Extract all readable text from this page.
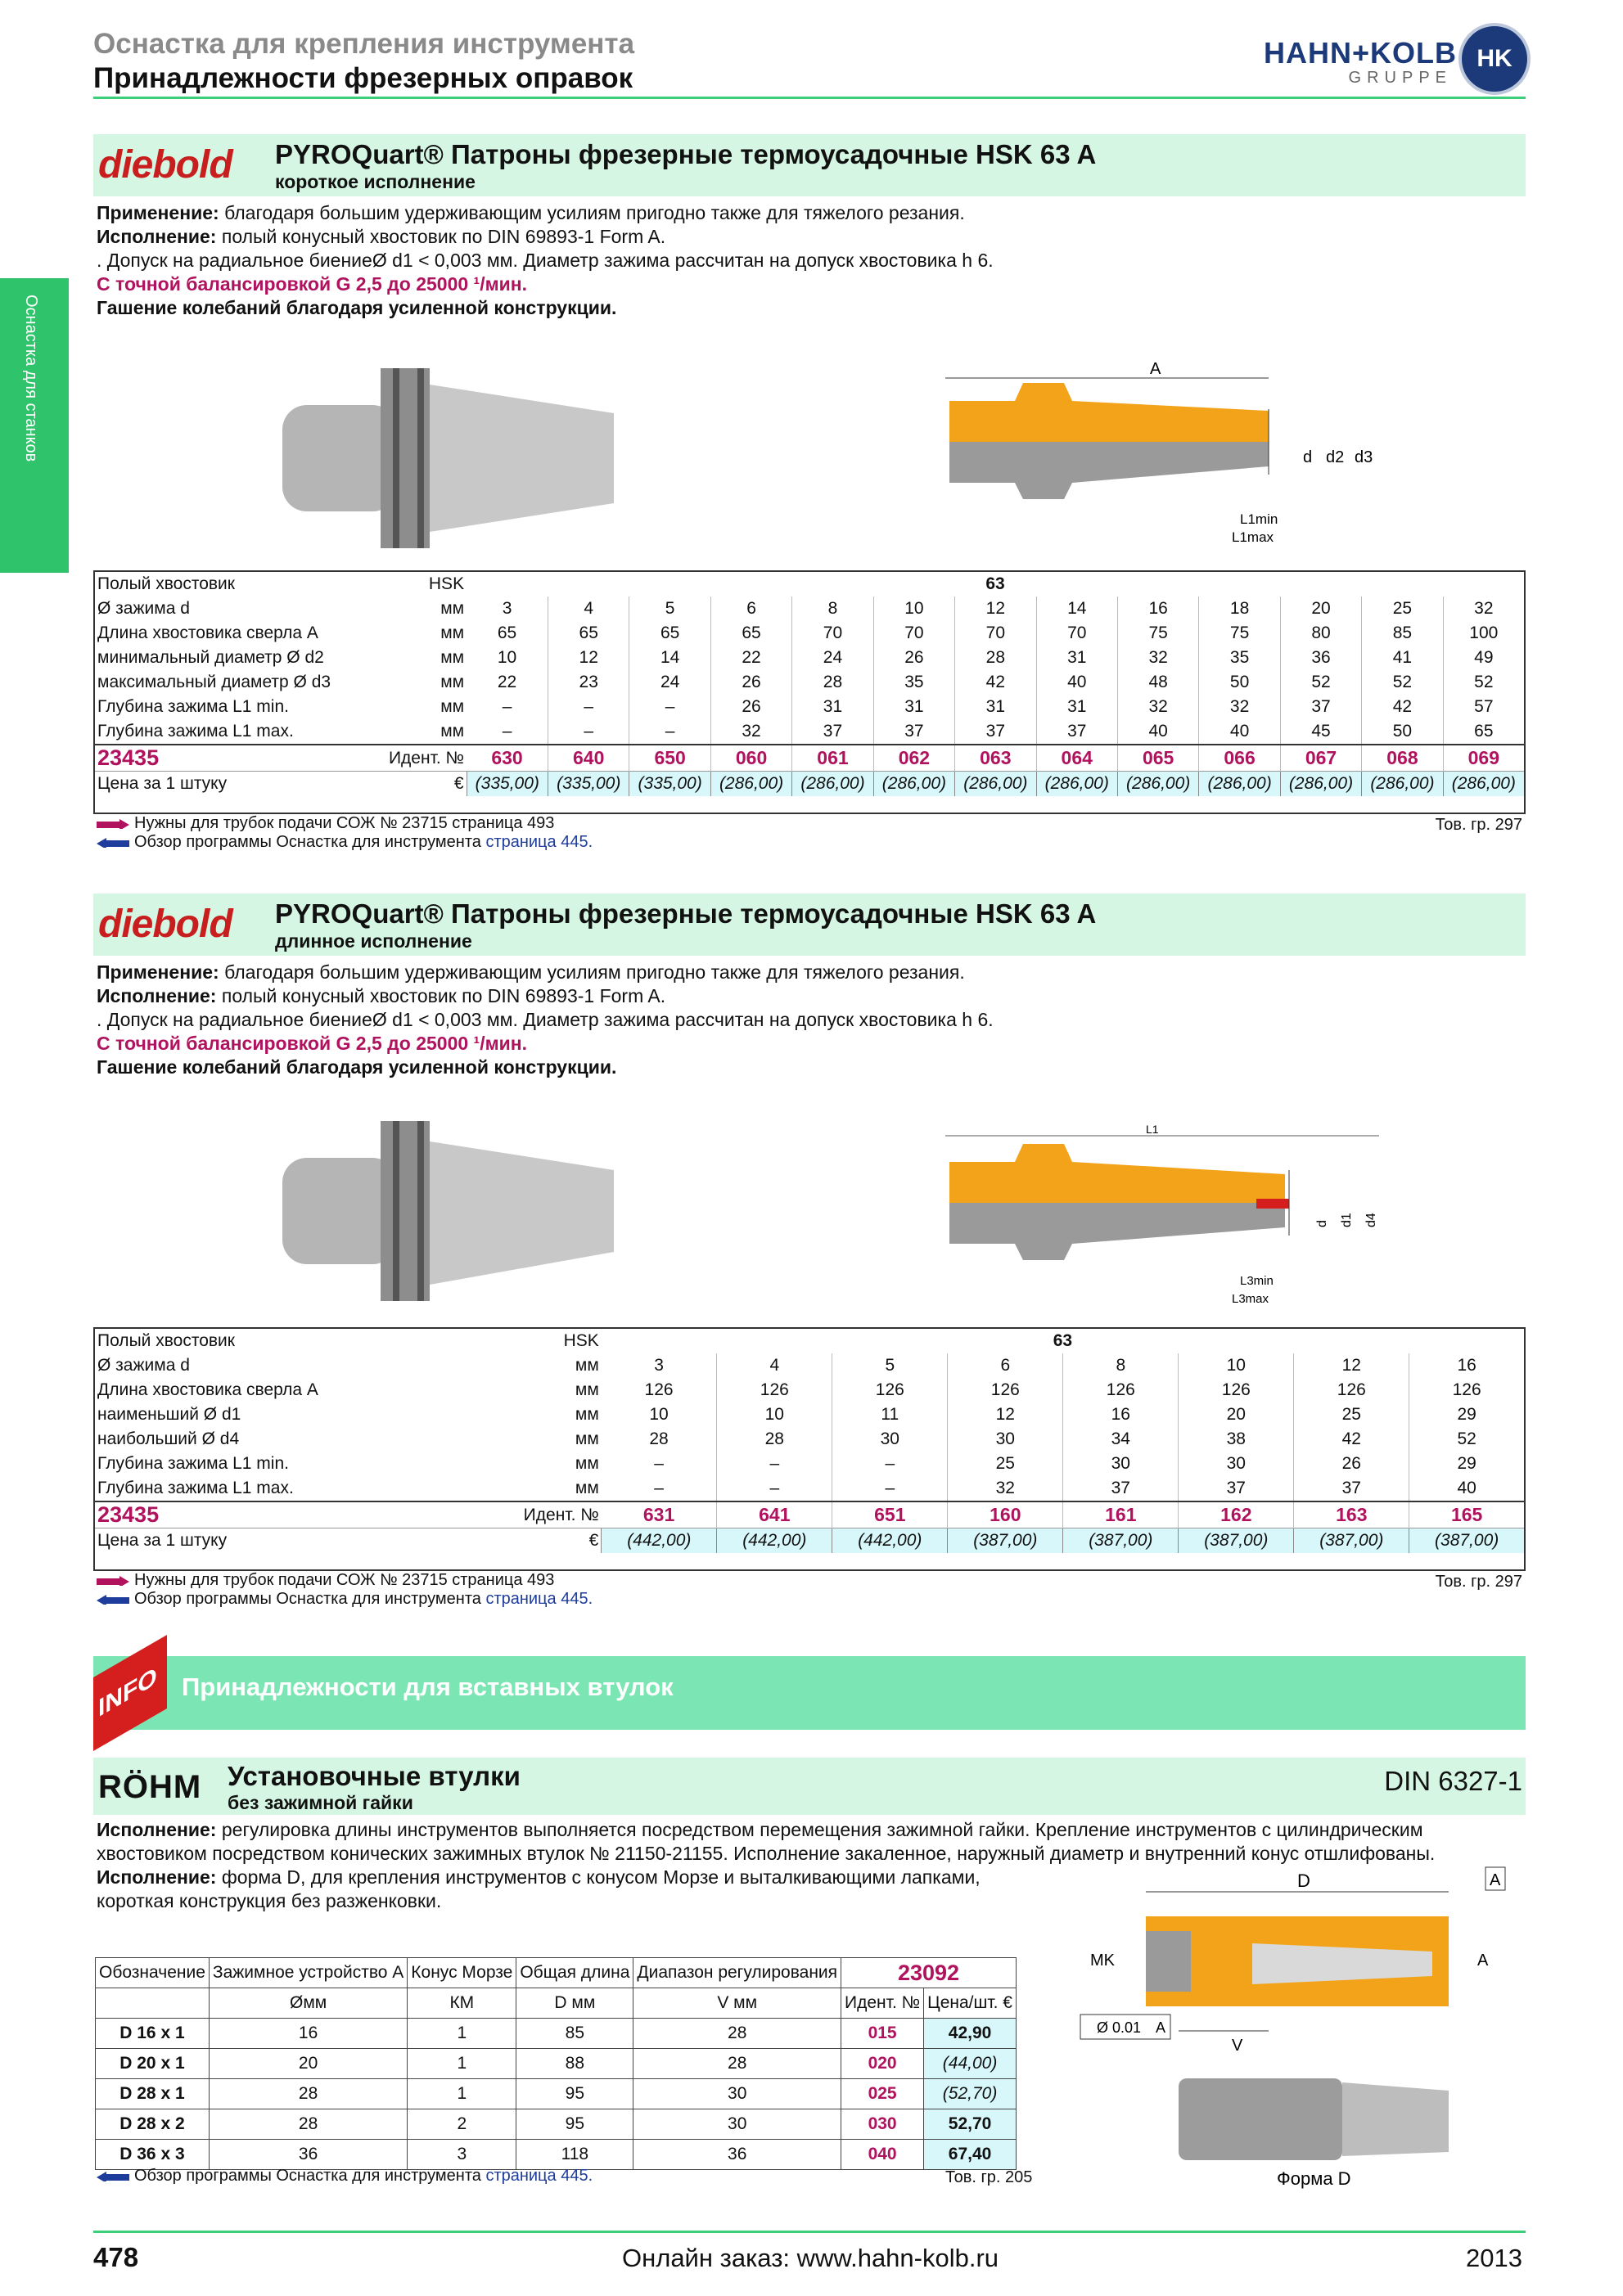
Оснастка для крепления инструмента
Принадлежности фрезерных оправок
HAHN+KOLB
GRUPPE
HK
Оснастка для станков
diebold PYROQuart® Патроны фрезерные термоусадочные HSK 63 A
короткое исполнение
Применение: благодаря большим удерживающим усилиям пригодно также для тяжелого резания.
Исполнение: полый конусный хвостовик по DIN 69893-1 Form A.
. Допуск на радиальное биениеØ d1 < 0,003 мм. Диаметр зажима рассчитан на допуск хвостовика h 6.
С точной балансировкой G 2,5 до 25000 ¹/мин.
Гашение колебаний благодаря усиленной конструкции.
A
d d2 d3
L1min
L1max
Полый хвостовик	HSK	63												
Ø зажима d	мм	3	4	5	6	8	10	12	14	16	18	20	25	32
Длина хвостовика сверла A	мм	65	65	65	65	70	70	70	70	75	75	80	85	100
минимальный диаметр Ø d2	мм	10	12	14	22	24	26	28	31	32	35	36	41	49
максимальный диаметр Ø d3	мм	22	23	24	26	28	35	42	40	48	50	52	52	52
Глубина зажима L1 min.	мм	–	–	–	26	31	31	31	31	32	32	37	42	57
Глубина зажима L1 max.	мм	–	–	–	32	37	37	37	37	40	40	45	50	65
23435	Идент. №	630	640	650	060	061	062	063	064	065	066	067	068	069
Цена за 1 штуку	€	(335,00)	(335,00)	(335,00)	(286,00)	(286,00)	(286,00)	(286,00)	(286,00)	(286,00)	(286,00)	(286,00)	(286,00)	(286,00)
Нужны для трубок подачи СОЖ № 23715 страница 493
Обзор программы Оснастка для инструмента страница 445.
Тов. гр. 297
diebold PYROQuart® Патроны фрезерные термоусадочные HSK 63 A
длинное исполнение
Применение: благодаря большим удерживающим усилиям пригодно также для тяжелого резания.
Исполнение: полый конусный хвостовик по DIN 69893-1 Form A.
. Допуск на радиальное биениеØ d1 < 0,003 мм. Диаметр зажима рассчитан на допуск хвостовика h 6.
С точной балансировкой G 2,5 до 25000 ¹/мин.
Гашение колебаний благодаря усиленной конструкции.
L1
d d1 d4
L3min
L3max
Полый хвостовик	HSK	63							
Ø зажима d	мм	3	4	5	6	8	10	12	16
Длина хвостовика сверла A	мм	126	126	126	126	126	126	126	126
наименьший Ø d1	мм	10	10	11	12	16	20	25	29
наибольший Ø d4	мм	28	28	30	30	34	38	42	52
Глубина зажима L1 min.	мм	–	–	–	25	30	30	26	29
Глубина зажима L1 max.	мм	–	–	–	32	37	37	37	40
23435	Идент. №	631	641	651	160	161	162	163	165
Цена за 1 штуку	€	(442,00)	(442,00)	(442,00)	(387,00)	(387,00)	(387,00)	(387,00)	(387,00)
Нужны для трубок подачи СОЖ № 23715 страница 493
Обзор программы Оснастка для инструмента страница 445.
Тов. гр. 297
INFO Принадлежности для вставных втулок
RÖHM Установочные втулки
без зажимной гайки
DIN 6327-1
Исполнение: регулировка длины инструментов выполняется посредством перемещения зажимной гайки. Крепление инструментов с цилиндрическим хвостовиком посредством конических зажимных втулок № 21150-21155. Исполнение закаленное, наружный диаметр и внутренний конус отшлифованы.
Исполнение: форма D, для крепления инструментов с конусом Морзе и выталкивающими лапками, короткая конструкция без разженковки.
D	A
MK	A
Ø 0.01 A
V
Форма D
Обозначение	Зажимное устройство А	Конус Морзе	Общая длина	Диапазон регулирования	23092	
	Øмм	КМ	D мм	V мм	Идент. №	Цена/шт. €
D 16 x 1	16	1	85	28	015	42,90
D 20 x 1	20	1	88	28	020	(44,00)
D 28 x 1	28	1	95	30	025	(52,70)
D 28 x 2	28	2	95	30	030	52,70
D 36 x 3	36	3	118	36	040	67,40
Обзор программы Оснастка для инструмента страница 445.	Тов. гр. 205
478	Онлайн заказ: www.hahn-kolb.ru	2013
